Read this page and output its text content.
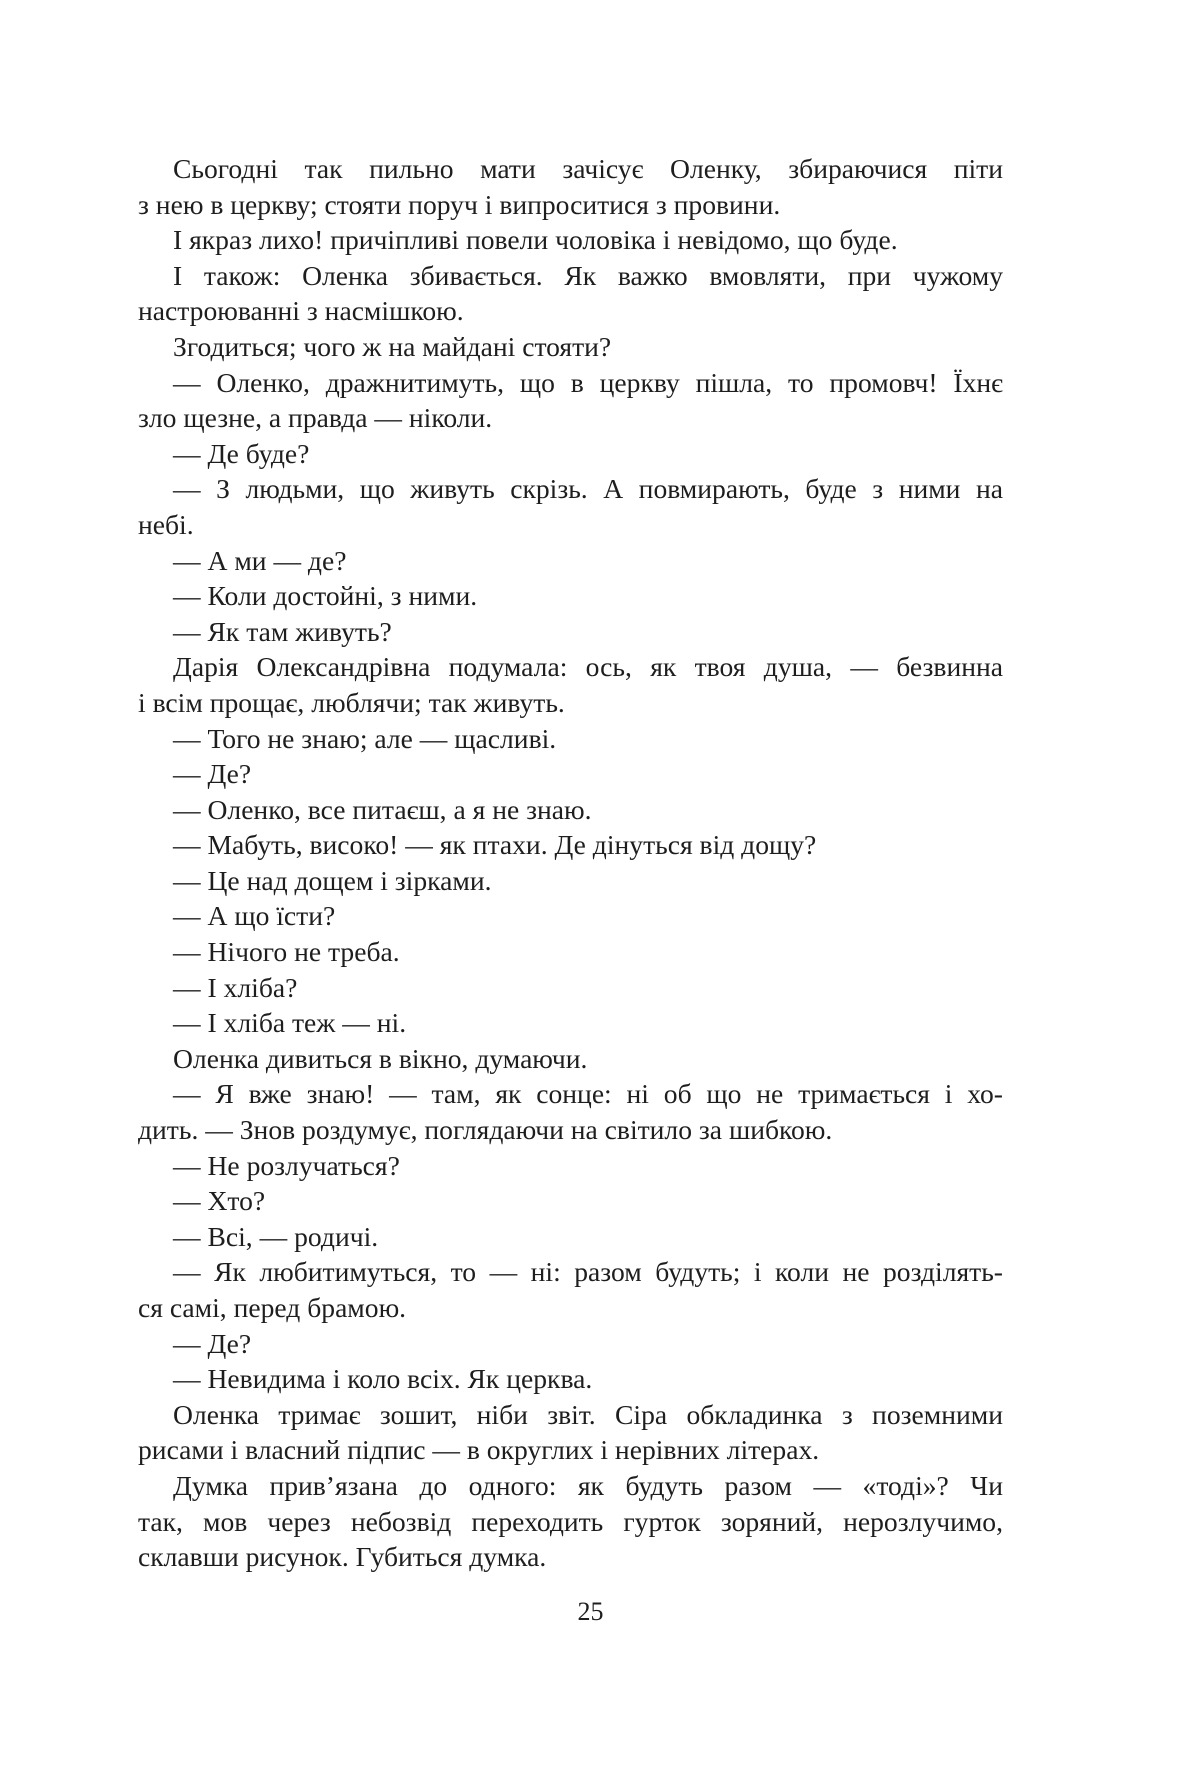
Сьогодні так пильно мати зачісує Оленку, збираючися піти
з нею в церкву; стояти поруч і випроситися з провини.
І якраз лихо! причіпливі повели чоловіка і невідомо, що буде.
І також: Оленка збивається. Як важко вмовляти, при чужому
настроюванні з насмішкою.
Згодиться; чого ж на майдані стояти?
— Оленко, дражнитимуть, що в церкву пішла, то промовч! Їхнє
зло щезне, а правда — ніколи.
— Де буде?
— З людьми, що живуть скрізь. А повмирають, буде з ними на
небі.
— А ми — де?
— Коли достойні, з ними.
— Як там живуть?
Дарія Олександрівна подумала: ось, як твоя душа, — безвинна
і всім прощає, люблячи; так живуть.
— Того не знаю; але — щасливі.
— Де?
— Оленко, все питаєш, а я не знаю.
— Мабуть, високо! — як птахи. Де дінуться від дощу?
— Це над дощем і зірками.
— А що їсти?
— Нічого не треба.
— І хліба?
— І хліба теж — ні.
Оленка дивиться в вікно, думаючи.
— Я вже знаю! — там, як сонце: ні об що не тримається і хо-
дить. — Знов роздумує, поглядаючи на світило за шибкою.
— Не розлучаться?
— Хто?
— Всі, — родичі.
— Як любитимуться, то — ні: разом будуть; і коли не розділять-
ся самі, перед брамою.
— Де?
— Невидима і коло всіх. Як церква.
Оленка тримає зошит, ніби звіт. Сіра обкладинка з поземними
рисами і власний підпис — в округлих і нерівних літерах.
Думка прив’язана до одного: як будуть разом — «тоді»? Чи
так, мов через небозвід переходить гурток зоряний, нерозлучимо,
склавши рисунок. Губиться думка.
25
